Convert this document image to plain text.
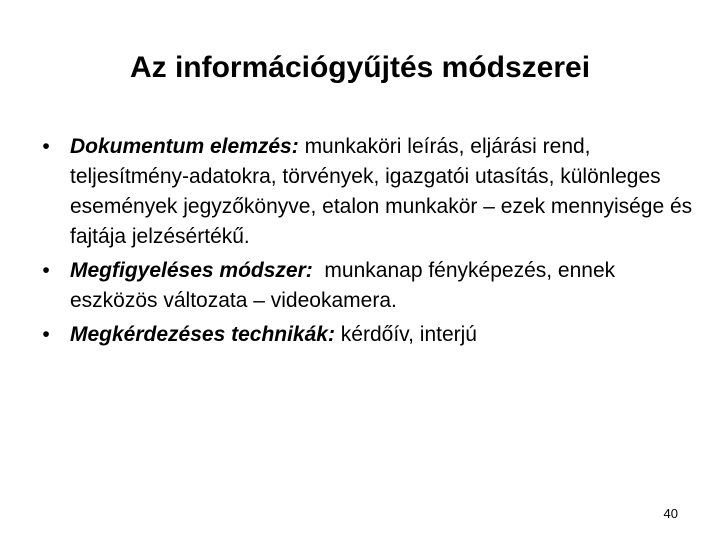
Az információgyűjtés módszerei
• Dokumentum elemzés: munkaköri leírás, eljárási rend, teljesítmény-adatokra, törvények, igazgatói utasítás, különleges események jegyzőkönyve, etalon munkakör – ezek mennyisége és fajtája jelzésértékű.
• Megfigyeléses módszer:  munkanap fényképezés, ennek eszközös változata – videokamera.
• Megkérdezéses technikák: kérdőív, interjú
40
